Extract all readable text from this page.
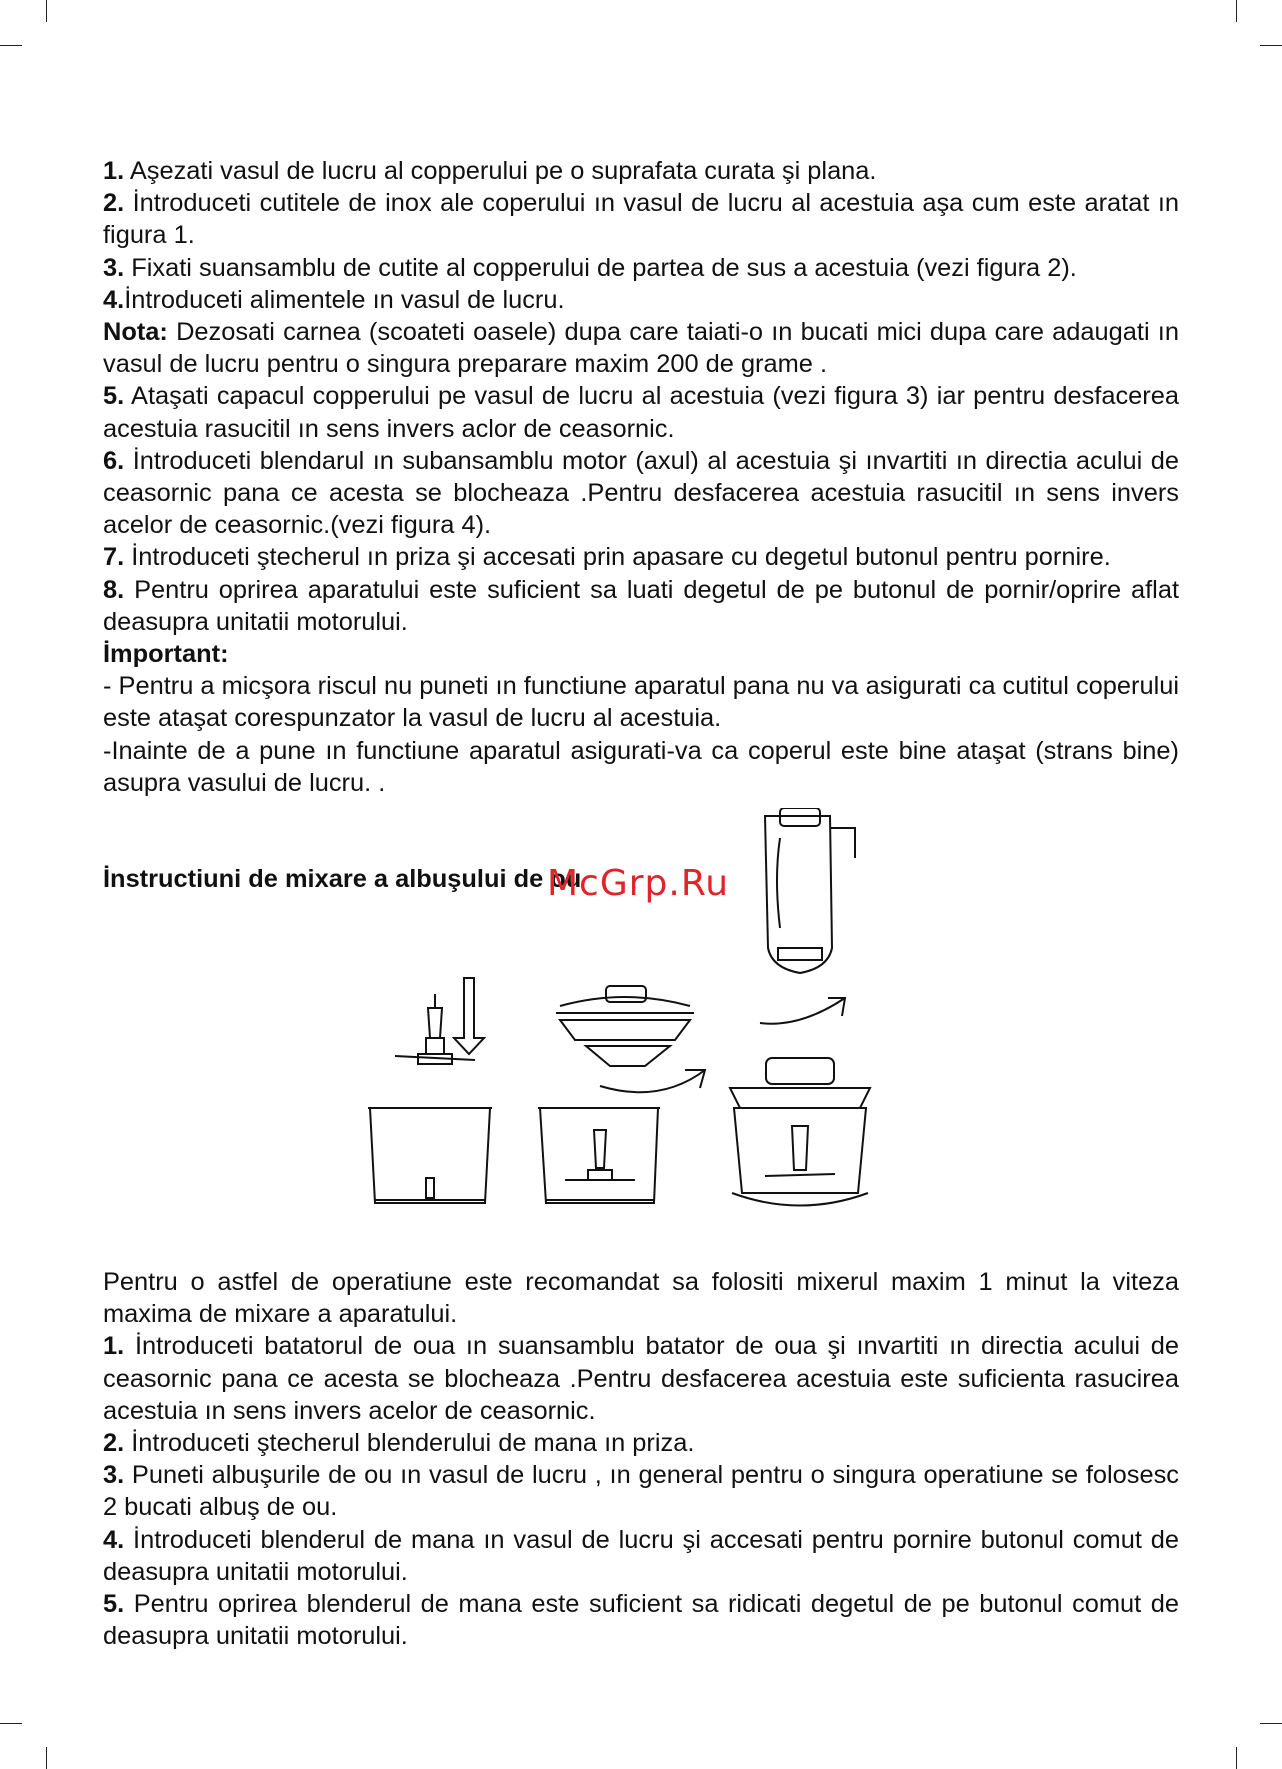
1. Aşezati vasul de lucru al copperului pe o suprafata curata şi plana.

2. İntroduceti cutitele de inox ale coperului ın vasul de lucru al acestuia aşa cum este aratat ın figura 1.

3. Fixati suansamblu de cutite al copperului de partea de sus a acestuia (vezi figura 2).

4.İntroduceti alimentele ın vasul de lucru.

Nota: Dezosati carnea (scoateti oasele) dupa care taiati-o ın bucati mici dupa care adaugati ın vasul de lucru pentru o singura preparare maxim 200 de grame .

5. Ataşati capacul copperului pe vasul de lucru al acestuia (vezi figura 3) iar pentru desfacerea acestuia rasucitil ın sens invers aclor de ceasornic.

6. İntroduceti blendarul ın subansamblu motor (axul) al acestuia şi ınvartiti ın directia acului de ceasornic pana ce acesta se blocheaza .Pentru desfacerea acestuia rasucitil ın sens invers acelor de ceasornic.(vezi figura 4).

7. İntroduceti ştecherul ın priza şi accesati prin apasare cu degetul butonul pentru pornire.

8. Pentru oprirea aparatului este suficient sa luati degetul de pe butonul de pornir/oprire aflat deasupra unitatii motorului.

İmportant:

- Pentru a micşora riscul nu puneti ın functiune aparatul pana nu va asigurati ca cutitul coperului este ataşat corespunzator la vasul de lucru al acestuia.

-Inainte de a pune ın functiune aparatul asigurati-va ca coperul este bine ataşat (strans bine) asupra vasului de lucru. .

İnstructiuni de mixare a albuşului de ou
McGrp.Ru

Pentru o astfel de operatiune este recomandat sa folositi mixerul maxim 1 minut la viteza maxima de mixare a aparatului.

1. İntroduceti batatorul de oua ın suansamblu batator de oua şi ınvartiti ın directia acului de ceasornic pana ce acesta se blocheaza .Pentru desfacerea acestuia este suficienta rasucirea acestuia ın sens invers acelor de ceasornic.

2. İntroduceti ştecherul blenderului de mana ın priza.

3. Puneti albuşurile de ou ın vasul de lucru , ın general pentru o singura operatiune se folosesc 2 bucati albuş de ou.

4. İntroduceti blenderul de mana ın vasul de lucru şi accesati pentru pornire butonul comut de deasupra unitatii motorului.

5. Pentru oprirea blenderul de mana este suficient sa ridicati degetul de pe butonul comut de deasupra unitatii motorului.
